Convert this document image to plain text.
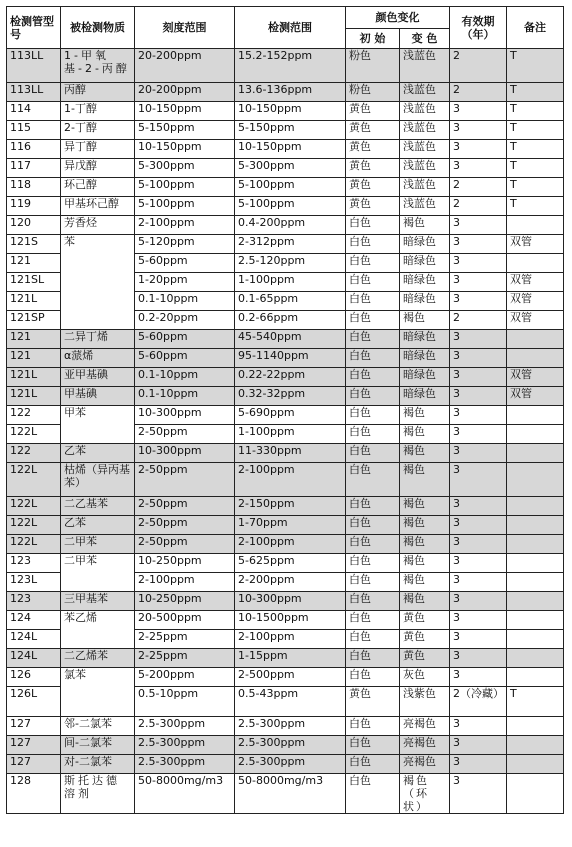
检测管型号	被检测物质	刻度范围	检测范围	颜色变化		有效期（年）	备注
				初 始	变 色		
113LL	1-甲氧基-2-丙醇	20-200ppm	15.2-152ppm	粉色	浅蓝色	2	T
113LL	丙醇	20-200ppm	13.6-136ppm	粉色	浅蓝色	2	T
114	1-丁醇	10-150ppm	10-150ppm	黄色	浅蓝色	3	T
115	2-丁醇	5-150ppm	5-150ppm	黄色	浅蓝色	3	T
116	异丁醇	10-150ppm	10-150ppm	黄色	浅蓝色	3	T
117	异戊醇	5-300ppm	5-300ppm	黄色	浅蓝色	3	T
118	环己醇	5-100ppm	5-100ppm	黄色	浅蓝色	2	T
119	甲基环己醇	5-100ppm	5-100ppm	黄色	浅蓝色	2	T
120	芳香烃	2-100ppm	0.4-200ppm	白色	褐色	3	
121S	苯	5-120ppm	2-312ppm	白色	暗绿色	3	双管
121		5-60ppm	2.5-120ppm	白色	暗绿色	3	
121SL		1-20ppm	1-100ppm	白色	暗绿色	3	双管
121L		0.1-10ppm	0.1-65ppm	白色	暗绿色	3	双管
121SP		0.2-20ppm	0.2-66ppm	白色	褐色	2	双管
121	二异丁烯	5-60ppm	45-540ppm	白色	暗绿色	3	
121	α蒎烯	5-60ppm	95-1140ppm	白色	暗绿色	3	
121L	亚甲基碘	0.1-10ppm	0.22-22ppm	白色	暗绿色	3	双管
121L	甲基碘	0.1-10ppm	0.32-32ppm	白色	暗绿色	3	双管
122	甲苯	10-300ppm	5-690ppm	白色	褐色	3	
122L		2-50ppm	1-100ppm	白色	褐色	3	
122	乙苯	10-300ppm	11-330ppm	白色	褐色	3	
122L	枯烯（异丙基苯）	2-50ppm	2-100ppm	白色	褐色	3	
122L	二乙基苯	2-50ppm	2-150ppm	白色	褐色	3	
122L	乙苯	2-50ppm	1-70ppm	白色	褐色	3	
122L	二甲苯	2-50ppm	2-100ppm	白色	褐色	3	
123	二甲苯	10-250ppm	5-625ppm	白色	褐色	3	
123L		2-100ppm	2-200ppm	白色	褐色	3	
123	三甲基苯	10-250ppm	10-300ppm	白色	褐色	3	
124	苯乙烯	20-500ppm	10-1500ppm	白色	黄色	3	
124L		2-25ppm	2-100ppm	白色	黄色	3	
124L	二乙烯苯	2-25ppm	1-15ppm	白色	黄色	3	
126	氯苯	5-200ppm	2-500ppm	白色	灰色	3	
126L		0.5-10ppm	0.5-43ppm	黄色	浅紫色	2（冷藏）	T
127	邻-二氯苯	2.5-300ppm	2.5-300ppm	白色	亮褐色	3	
127	间-二氯苯	2.5-300ppm	2.5-300ppm	白色	亮褐色	3	
127	对-二氯苯	2.5-300ppm	2.5-300ppm	白色	亮褐色	3	
128	斯托达德溶剂	50-8000mg/m3	50-8000mg/m3	白色	褐色（环状）	3	
